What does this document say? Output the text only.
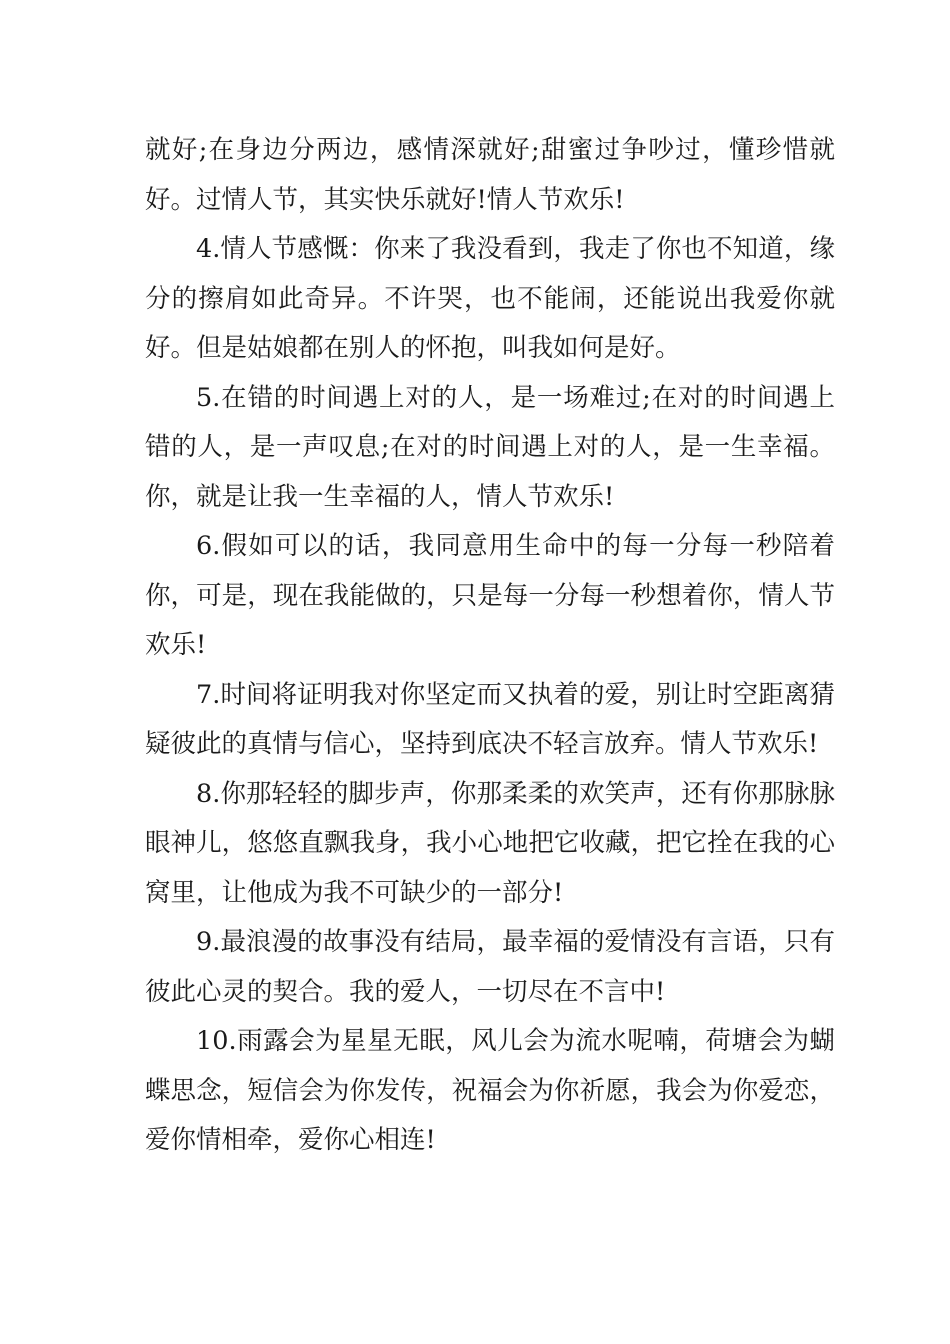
就好;在身边分两边，感情深就好;甜蜜过争吵过，懂珍惜就好。过情人节，其实快乐就好!情人节欢乐!

4.情人节感慨：你来了我没看到，我走了你也不知道，缘分的擦肩如此奇异。不许哭，也不能闹，还能说出我爱你就好。但是姑娘都在别人的怀抱，叫我如何是好。

5.在错的时间遇上对的人，是一场难过;在对的时间遇上错的人，是一声叹息;在对的时间遇上对的人，是一生幸福。你，就是让我一生幸福的人，情人节欢乐!

6.假如可以的话，我同意用生命中的每一分每一秒陪着你，可是，现在我能做的，只是每一分每一秒想着你，情人节欢乐!

7.时间将证明我对你坚定而又执着的爱，别让时空距离猜疑彼此的真情与信心，坚持到底决不轻言放弃。情人节欢乐!

8.你那轻轻的脚步声，你那柔柔的欢笑声，还有你那脉脉眼神儿，悠悠直飘我身，我小心地把它收藏，把它拴在我的心窝里，让他成为我不可缺少的一部分!

9.最浪漫的故事没有结局，最幸福的爱情没有言语，只有彼此心灵的契合。我的爱人，一切尽在不言中!

10.雨露会为星星无眠，风儿会为流水呢喃，荷塘会为蝴蝶思念，短信会为你发传，祝福会为你祈愿，我会为你爱恋，爱你情相牵，爱你心相连!
